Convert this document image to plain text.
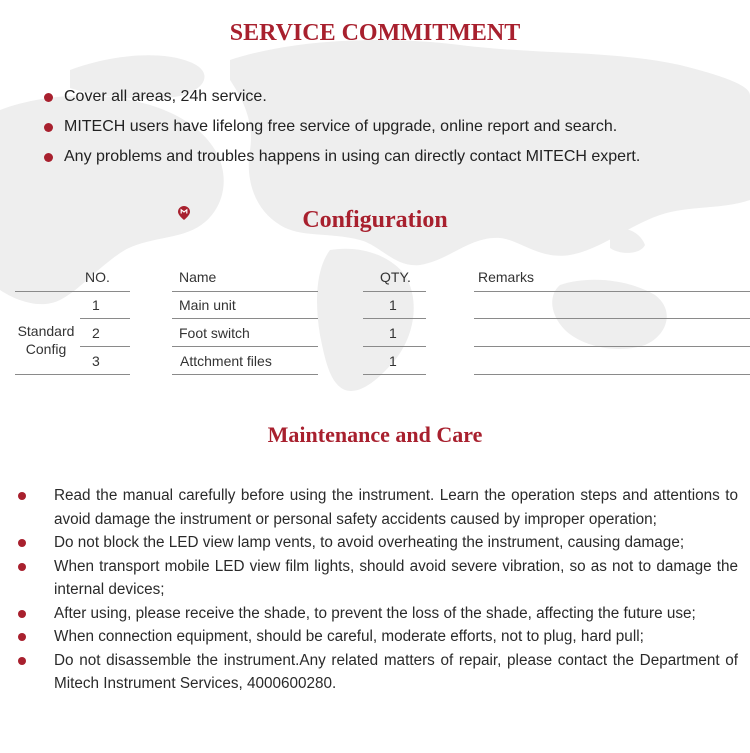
SERVICE COMMITMENT
Cover all areas, 24h service.
MITECH users have lifelong free service of upgrade, online report and search.
Any problems and troubles happens in using can directly contact MITECH expert.
Configuration
NO.	Name	QTY.	Remarks
Standard Config
1	Main unit	1
2	Foot switch	1
3	Attchment files	1
Maintenance and Care
Read the manual carefully before using the instrument. Learn the operation steps and attentions to avoid damage the instrument or personal safety accidents caused by improper operation;
Do not block the LED view lamp vents, to avoid overheating the instrument, causing damage;
When transport mobile LED view film lights, should avoid severe vibration, so as not to damage the internal devices;
After using, please receive the shade, to prevent the loss of the shade, affecting the future use;
When connection equipment, should be careful, moderate efforts, not to plug, hard pull;
Do not disassemble the instrument.Any related matters of repair, please contact the Department of Mitech Instrument Services, 4000600280.
